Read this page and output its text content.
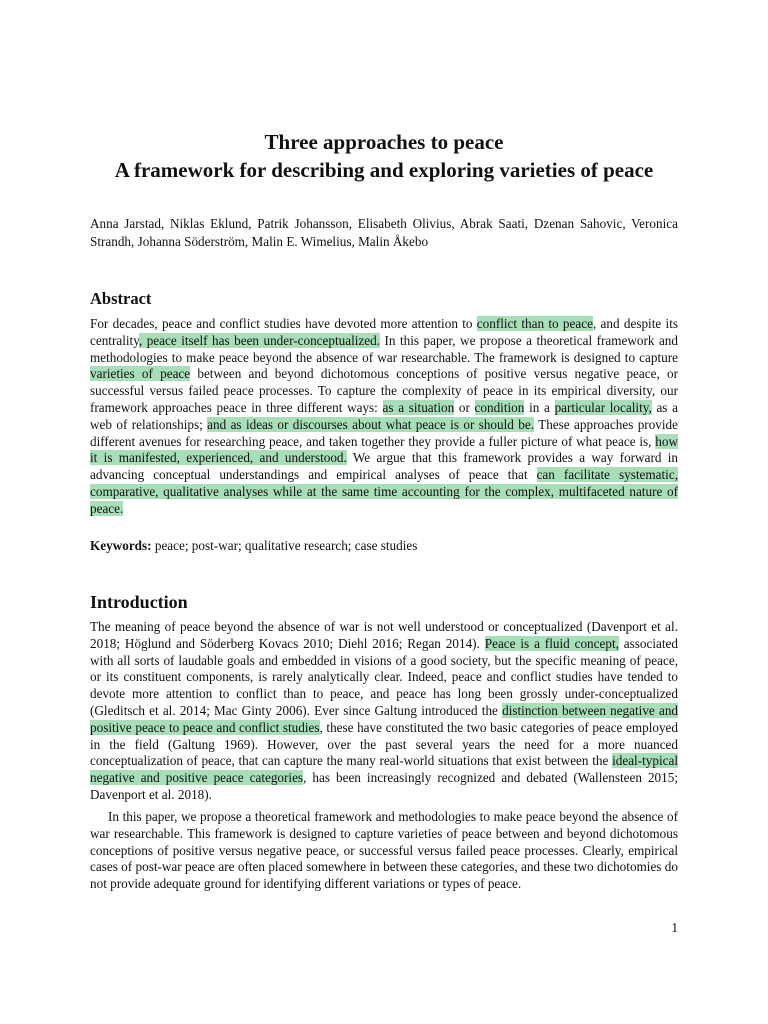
Three approaches to peace
A framework for describing and exploring varieties of peace

Anna Jarstad, Niklas Eklund, Patrik Johansson, Elisabeth Olivius, Abrak Saati, Dzenan Sahovic, Veronica Strandh, Johanna Söderström, Malin E. Wimelius, Malin Åkebo

Abstract

For decades, peace and conflict studies have devoted more attention to conflict than to peace, and despite its centrality, peace itself has been under-conceptualized. In this paper, we propose a theoretical framework and methodologies to make peace beyond the absence of war researchable. The framework is designed to capture varieties of peace between and beyond dichotomous conceptions of positive versus negative peace, or successful versus failed peace processes. To capture the complexity of peace in its empirical diversity, our framework approaches peace in three different ways: as a situation or condition in a particular locality, as a web of relationships; and as ideas or discourses about what peace is or should be. These approaches provide different avenues for researching peace, and taken together they provide a fuller picture of what peace is, how it is manifested, experienced, and understood. We argue that this framework provides a way forward in advancing conceptual understandings and empirical analyses of peace that can facilitate systematic, comparative, qualitative analyses while at the same time accounting for the complex, multifaceted nature of peace.

Keywords: peace; post-war; qualitative research; case studies

Introduction

The meaning of peace beyond the absence of war is not well understood or conceptualized (Davenport et al. 2018; Höglund and Söderberg Kovacs 2010; Diehl 2016; Regan 2014). Peace is a fluid concept, associated with all sorts of laudable goals and embedded in visions of a good society, but the specific meaning of peace, or its constituent components, is rarely analytically clear. Indeed, peace and conflict studies have tended to devote more attention to conflict than to peace, and peace has long been grossly under-conceptualized (Gleditsch et al. 2014; Mac Ginty 2006). Ever since Galtung introduced the distinction between negative and positive peace to peace and conflict studies, these have constituted the two basic categories of peace employed in the field (Galtung 1969). However, over the past several years the need for a more nuanced conceptualization of peace, that can capture the many real-world situations that exist between the ideal-typical negative and positive peace categories, has been increasingly recognized and debated (Wallensteen 2015; Davenport et al. 2018).

In this paper, we propose a theoretical framework and methodologies to make peace beyond the absence of war researchable. This framework is designed to capture varieties of peace between and beyond dichotomous conceptions of positive versus negative peace, or successful versus failed peace processes. Clearly, empirical cases of post-war peace are often placed somewhere in between these categories, and these two dichotomies do not provide adequate ground for identifying different variations or types of peace.

1
